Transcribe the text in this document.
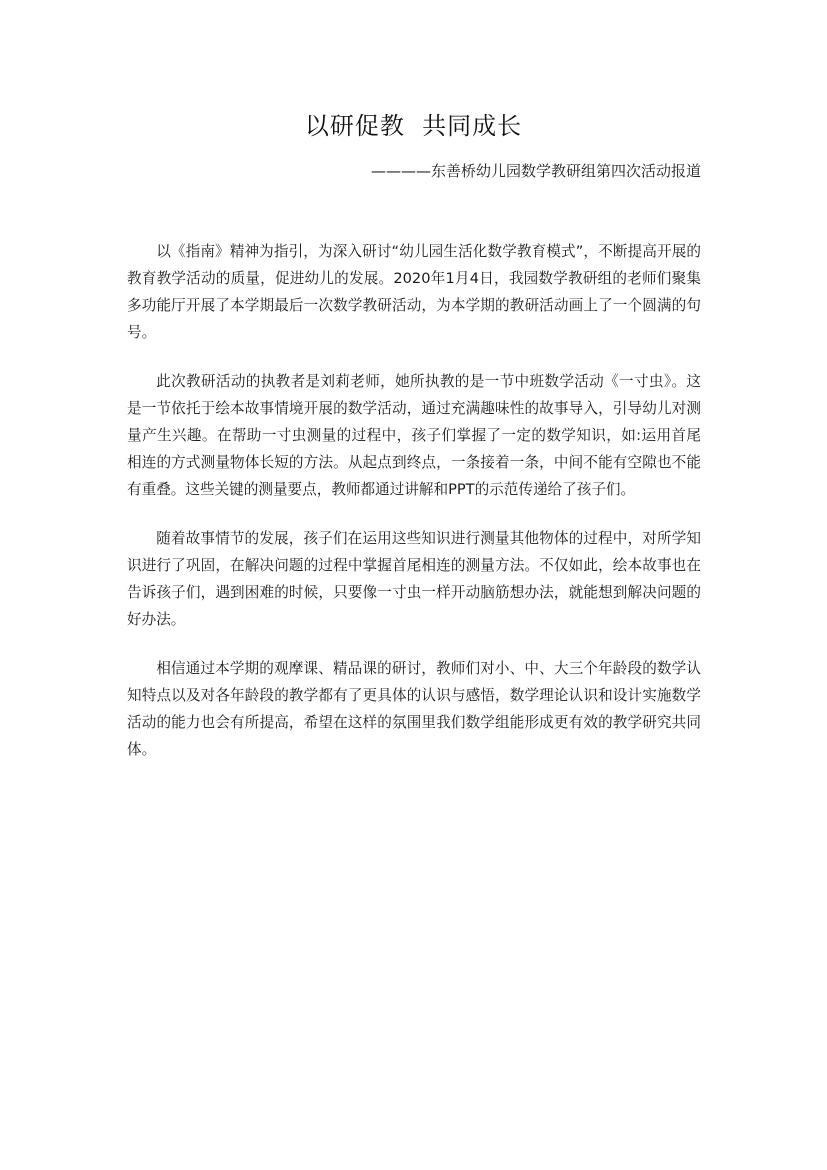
以研促教  共同成长

————东善桥幼儿园数学教研组第四次活动报道

以《指南》精神为指引，为深入研讨“幼儿园生活化数学教育模式”，不断提高开展的教育教学活动的质量，促进幼儿的发展。2020年1月4日，我园数学教研组的老师们聚集多功能厅开展了本学期最后一次数学教研活动，为本学期的教研活动画上了一个圆满的句号。

此次教研活动的执教者是刘莉老师，她所执教的是一节中班数学活动《一寸虫》。这是一节依托于绘本故事情境开展的数学活动，通过充满趣味性的故事导入，引导幼儿对测量产生兴趣。在帮助一寸虫测量的过程中，孩子们掌握了一定的数学知识，如:运用首尾相连的方式测量物体长短的方法。从起点到终点，一条接着一条，中间不能有空隙也不能有重叠。这些关键的测量要点，教师都通过讲解和PPT的示范传递给了孩子们。

随着故事情节的发展，孩子们在运用这些知识进行测量其他物体的过程中，对所学知识进行了巩固，在解决问题的过程中掌握首尾相连的测量方法。不仅如此，绘本故事也在告诉孩子们，遇到困难的时候，只要像一寸虫一样开动脑筋想办法，就能想到解决问题的好办法。

相信通过本学期的观摩课、精品课的研讨，教师们对小、中、大三个年龄段的数学认知特点以及对各年龄段的教学都有了更具体的认识与感悟，数学理论认识和设计实施数学活动的能力也会有所提高，希望在这样的氛围里我们数学组能形成更有效的教学研究共同体。
